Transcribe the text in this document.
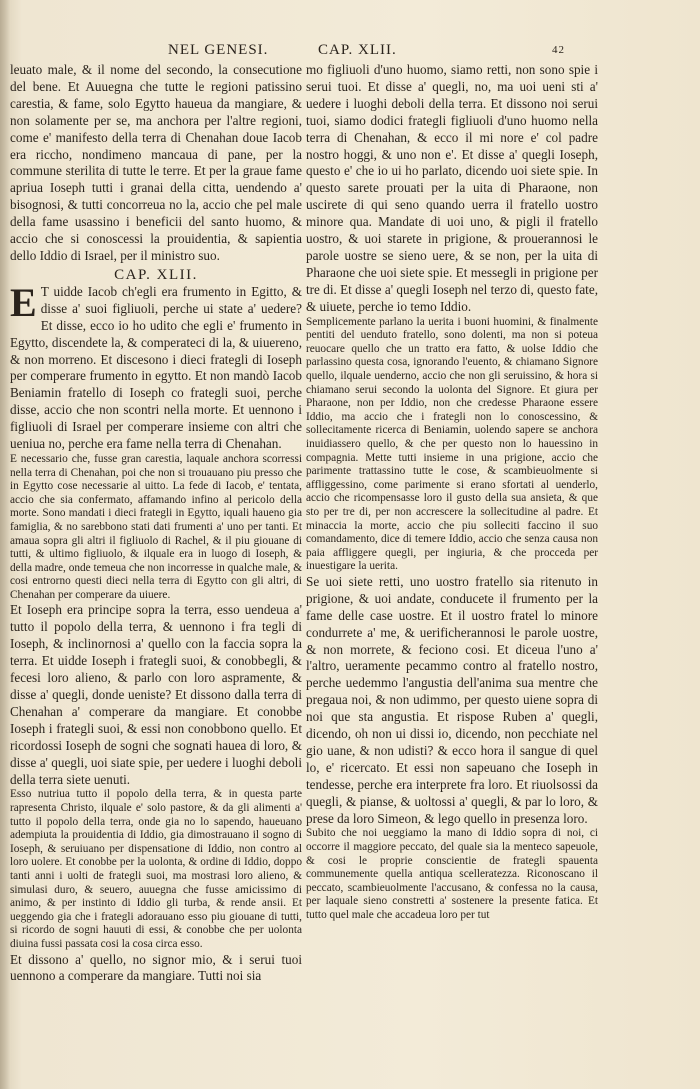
NEL GENESI.	CAP. XLII.	42

leuato male, & il nome del secondo, la consecutione del bene. Et Auuegna che tutte le regioni patissino carestia, & fame, solo Egytto haueua da mangiare, & non solamente per se, ma anchora per l'altre regioni, come e' manifesto della terra di Chenahan doue Iacob era riccho, nondimeno mancaua di pane, per la commune sterilita di tutte le terre. Et per la graue fame apriua Ioseph tutti i granai della citta, uendendo a' bisognosi, & tutti concorreua no la, accio che pel male della fame usassino i beneficii del santo huomo, & accio che si conoscessi la prouidentia, & sapientia dello Iddio di Israel, per il ministro suo.

CAP. XLII.

E T uidde Iacob ch'egli era frumento in Egitto, & disse a' suoi figliuoli, perche ui state a' uedere? Et disse, ecco io ho udito che egli e' frumento in Egytto, discendete la, & comperateci di la, & uiuereno, & non morreno. Et discesono i dieci frategli di Ioseph per comperare frumento in egytto. Et non mandò Iacob Beniamin fratello di Ioseph co frategli suoi, perche disse, accio che non scontri nella morte. Et uennono i figliuoli di Israel per comperare insieme con altri che ueniua no, perche era fame nella terra di Chenahan.

E necessario che, fusse gran carestia, laquale anchora scorressi nella terra di Chenahan, poi che non si trouauano piu presso che in Egytto cose necessarie al uitto. La fede di Iacob, e' tentata, accio che sia confermato, affamando infino al pericolo della morte. Sono mandati i dieci frategli in Egytto, iquali haueno gia famiglia, & no sarebbono stati dati frumenti a' uno per tanti. Et amaua sopra gli altri il figliuolo di Rachel, & il piu giouane di tutti, & ultimo figliuolo, & ilquale era in luogo di Ioseph, & della madre, onde temeua che non incorresse in qualche male, & cosi entrorno questi dieci nella terra di Egytto con gli altri, di Chenahan per comperare da uiuere.

Et Ioseph era principe sopra la terra, esso uendeua a' tutto il popolo della terra, & uennono i fra tegli di Ioseph, & inclinornosi a' quello con la faccia sopra la terra. Et uidde Ioseph i frategli suoi, & conobbegli, & fecesi loro alieno, & parlo con loro aspramente, & disse a' quegli, donde ueniste? Et dissono dalla terra di Chenahan a' comperare da mangiare. Et conobbe Ioseph i frategli suoi, & essi non conobbono quello. Et ricordossi Ioseph de sogni che sognati hauea di loro, & disse a' quegli, uoi siate spie, per uedere i luoghi deboli della terra siete uenuti.

Esso nutriua tutto il popolo della terra, & in questa parte rapresenta Christo, ilquale e' solo pastore, & da gli alimenti a' tutto il popolo della terra, onde gia no lo sapendo, haueuano adempiuta la prouidentia di Iddio, gia dimostrauano il sogno di Ioseph, & seruiuano per dispensatione di Iddio, non contro al loro uolere. Et conobbe per la uolonta, & ordine di Iddio, doppo tanti anni i uolti de frategli suoi, ma mostrasi loro alieno, & simulasi duro, & seuero, auuegna che fusse amicissimo di animo, & per instinto di Iddio gli turba, & rende ansii. Et ueggendo gia che i frategli adorauano esso piu giouane di tutti, si ricordo de sogni hauuti di essi, & conobbe che per uolonta diuina fussi passata cosi la cosa circa esso.

Et dissono a' quello, no signor mio, & i serui tuoi uennono a comperare da mangiare. Tutti noi sia

mo figliuoli d'uno huomo, siamo retti, non sono spie i serui tuoi. Et disse a' quegli, no, ma uoi ueni sti a' uedere i luoghi deboli della terra. Et dissono noi serui tuoi, siamo dodici frategli figliuoli d'uno huomo nella terra di Chenahan, & ecco il mi nore e' col padre nostro hoggi, & uno non e'. Et disse a' quegli Ioseph, questo e' che io ui ho parlato, dicendo uoi siete spie. In questo sarete prouati per la uita di Pharaone, non uscirete di qui seno quando uerra il fratello uostro minore qua. Mandate di uoi uno, & pigli il fratello uostro, & uoi starete in prigione, & prouerannosi le parole uostre se sieno uere, & se non, per la uita di Pharaone che uoi siete spie. Et messegli in prigione per tre di. Et disse a' quegli Ioseph nel terzo di, questo fate, & uiuete, perche io temo Iddio.

Semplicemente parlano la uerita i buoni huomini, & finalmente pentiti del uenduto fratello, sono dolenti, ma non si poteua reuocare quello che un tratto era fatto, & uolse Iddio che parlassino questa cosa, ignorando l'euento, & chiamano Signore quello, ilquale uenderno, accio che non gli seruissino, & hora si chiamano serui secondo la uolonta del Signore. Et giura per Pharaone, non per Iddio, non che credesse Pharaone essere Iddio, ma accio che i frategli non lo conoscessino, & sollecitamente ricerca di Beniamin, uolendo sapere se anchora inuidiassero quello, & che per questo non lo hauessino in compagnia. Mette tutti insieme in una prigione, accio che parimente trattassino tutte le cose, & scambieuolmente si affliggessino, come parimente si erano sfortati al uenderlo, accio che ricompensasse loro il gusto della sua ansieta, & que sto per tre di, per non accrescere la sollecitudine al padre. Et minaccia la morte, accio che piu solleciti faccino il suo comandamento, dice di temere Iddio, accio che senza causa non paia affliggere quegli, per ingiuria, & che procceda per inuestigare la uerita.

Se uoi siete retti, uno uostro fratello sia ritenuto in prigione, & uoi andate, conducete il frumento per la fame delle case uostre. Et il uostro fratel lo minore condurrete a' me, & uerificherannosi le parole uostre, & non morrete, & feciono cosi. Et diceua l'uno a' l'altro, ueramente pecammo contro al fratello nostro, perche uedemmo l'angustia dell'anima sua mentre che pregaua noi, & non udimmo, per questo uiene sopra di noi que sta angustia. Et rispose Ruben a' quegli, dicendo, oh non ui dissi io, dicendo, non pecchiate nel gio uane, & non udisti? & ecco hora il sangue di quel lo, e' ricercato. Et essi non sapeuano che Ioseph in tendesse, perche era interprete fra loro. Et riuolsossi da quegli, & pianse, & uoltossi a' quegli, & par lo loro, & prese da loro Simeon, & lego quello in presenza loro.

Subito che noi ueggiamo la mano di Iddio sopra di noi, ci occorre il maggiore peccato, del quale sia la menteco sapeuole, & cosi le proprie conscientie de frategli spauenta communemente quella antiqua scelleratezza. Riconoscano il peccato, scambieuolmente l'accusano, & confessa no la causa, per laquale sieno constretti a' sostenere la presente fatica. Et tutto quel male che accadeua loro per tut
